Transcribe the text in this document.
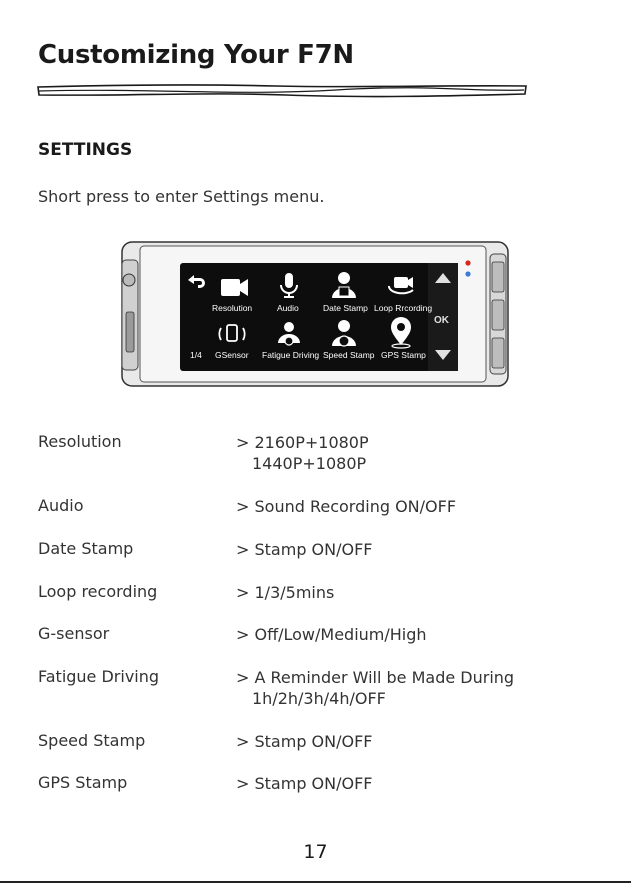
Customizing Your F7N
SETTINGS
Short press to enter Settings menu.
OK
Resolution	Audio	Date Stamp Loop Rrcording
1/4 GSensor Fatigue Driving Speed Stamp GPS Stamp
Resolution	> 2160P+1080P
1440P+1080P
Audio	> Sound Recording ON/OFF
Date Stamp	> Stamp ON/OFF
Loop recording	> 1/3/5mins
G-sensor	> Off/Low/Medium/High
Fatigue Driving	> A Reminder Will be Made During
1h/2h/3h/4h/OFF
Speed Stamp	> Stamp ON/OFF
GPS Stamp	> Stamp ON/OFF
17
